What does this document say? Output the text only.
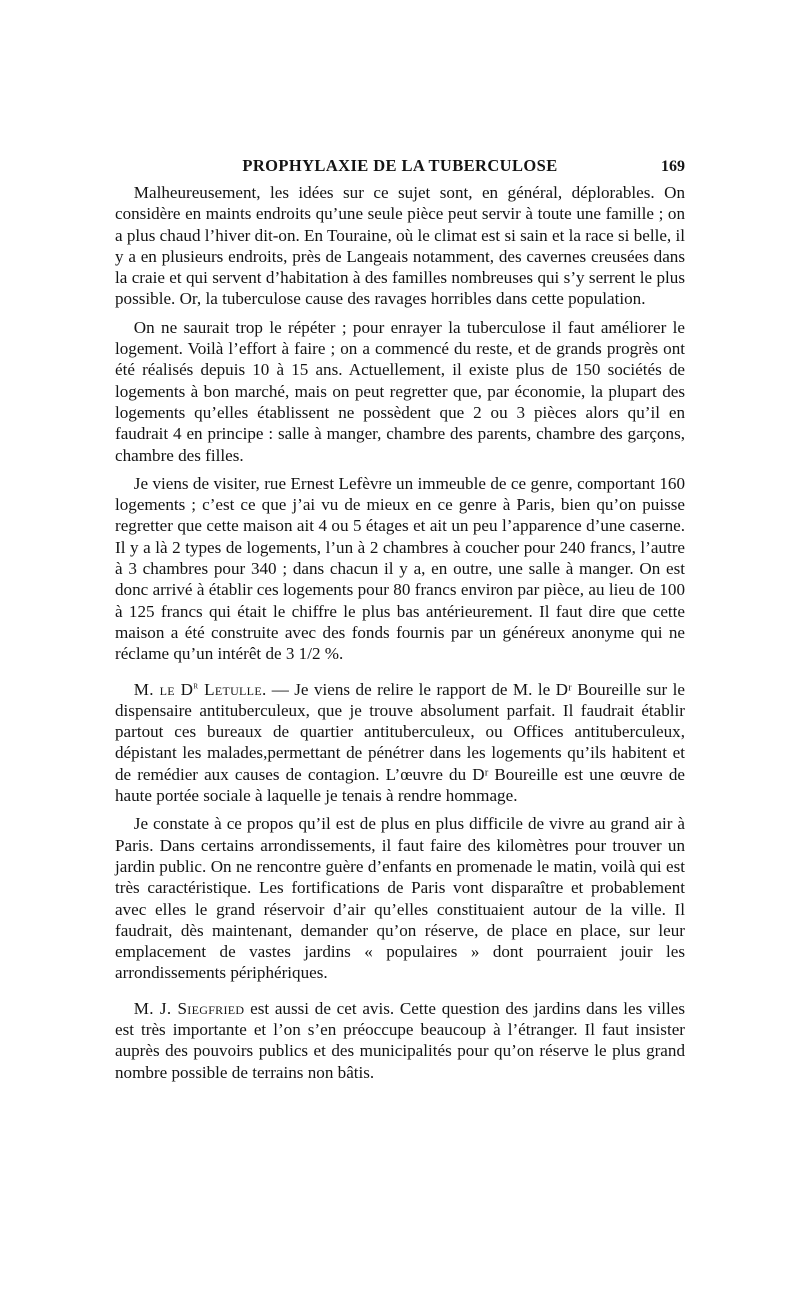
PROPHYLAXIE DE LA TUBERCULOSE	169

Malheureusement, les idées sur ce sujet sont, en général, déplorables. On considère en maints endroits qu’une seule pièce peut servir à toute une famille ; on a plus chaud l’hiver dit-on. En Touraine, où le climat est si sain et la race si belle, il y a en plusieurs endroits, près de Langeais notamment, des cavernes creusées dans la craie et qui servent d’habitation à des familles nombreuses qui s’y serrent le plus possible. Or, la tuberculose cause des ravages horribles dans cette population.

On ne saurait trop le répéter ; pour enrayer la tuberculose il faut améliorer le logement. Voilà l’effort à faire ; on a commencé du reste, et de grands progrès ont été réalisés depuis 10 à 15 ans. Actuellement, il existe plus de 150 sociétés de logements à bon marché, mais on peut regretter que, par économie, la plupart des logements qu’elles établissent ne possèdent que 2 ou 3 pièces alors qu’il en faudrait 4 en principe : salle à manger, chambre des parents, chambre des garçons, chambre des filles.

Je viens de visiter, rue Ernest Lefèvre un immeuble de ce genre, comportant 160 logements ; c’est ce que j’ai vu de mieux en ce genre à Paris, bien qu’on puisse regretter que cette maison ait 4 ou 5 étages et ait un peu l’apparence d’une caserne. Il y a là 2 types de logements, l’un à 2 chambres à coucher pour 240 francs, l’autre à 3 chambres pour 340 ; dans chacun il y a, en outre, une salle à manger. On est donc arrivé à établir ces logements pour 80 francs environ par pièce, au lieu de 100 à 125 francs qui était le chiffre le plus bas antérieurement. Il faut dire que cette maison a été construite avec des fonds fournis par un généreux anonyme qui ne réclame qu’un intérêt de 3 1/2 %.

M. le $D^r$ Letulle. — Je viens de relire le rapport de M. le Dʳ Boureille sur le dispensaire antituberculeux, que je trouve absolument parfait. Il faudrait établir partout ces bureaux de quartier antituberculeux, ou Offices antituberculeux, dépistant les malades,permettant de pénétrer dans les logements qu’ils habitent et de remédier aux causes de contagion. L’œuvre du Dʳ Boureille est une œuvre de haute portée sociale à laquelle je tenais à rendre hommage.

Je constate à ce propos qu’il est de plus en plus difficile de vivre au grand air à Paris. Dans certains arrondissements, il faut faire des kilomètres pour trouver un jardin public. On ne rencontre guère d’enfants en promenade le matin, voilà qui est très caractéristique. Les fortifications de Paris vont disparaître et probablement avec elles le grand réservoir d’air qu’elles constituaient autour de la ville. Il faudrait, dès maintenant, demander qu’on réserve, de place en place, sur leur emplacement de vastes jardins « populaires » dont pourraient jouir les arrondissements périphériques.

M. J. Siegfried est aussi de cet avis. Cette question des jardins dans les villes est très importante et l’on s’en préoccupe beaucoup à l’étranger. Il faut insister auprès des pouvoirs publics et des municipalités pour qu’on réserve le plus grand nombre possible de terrains non bâtis.
